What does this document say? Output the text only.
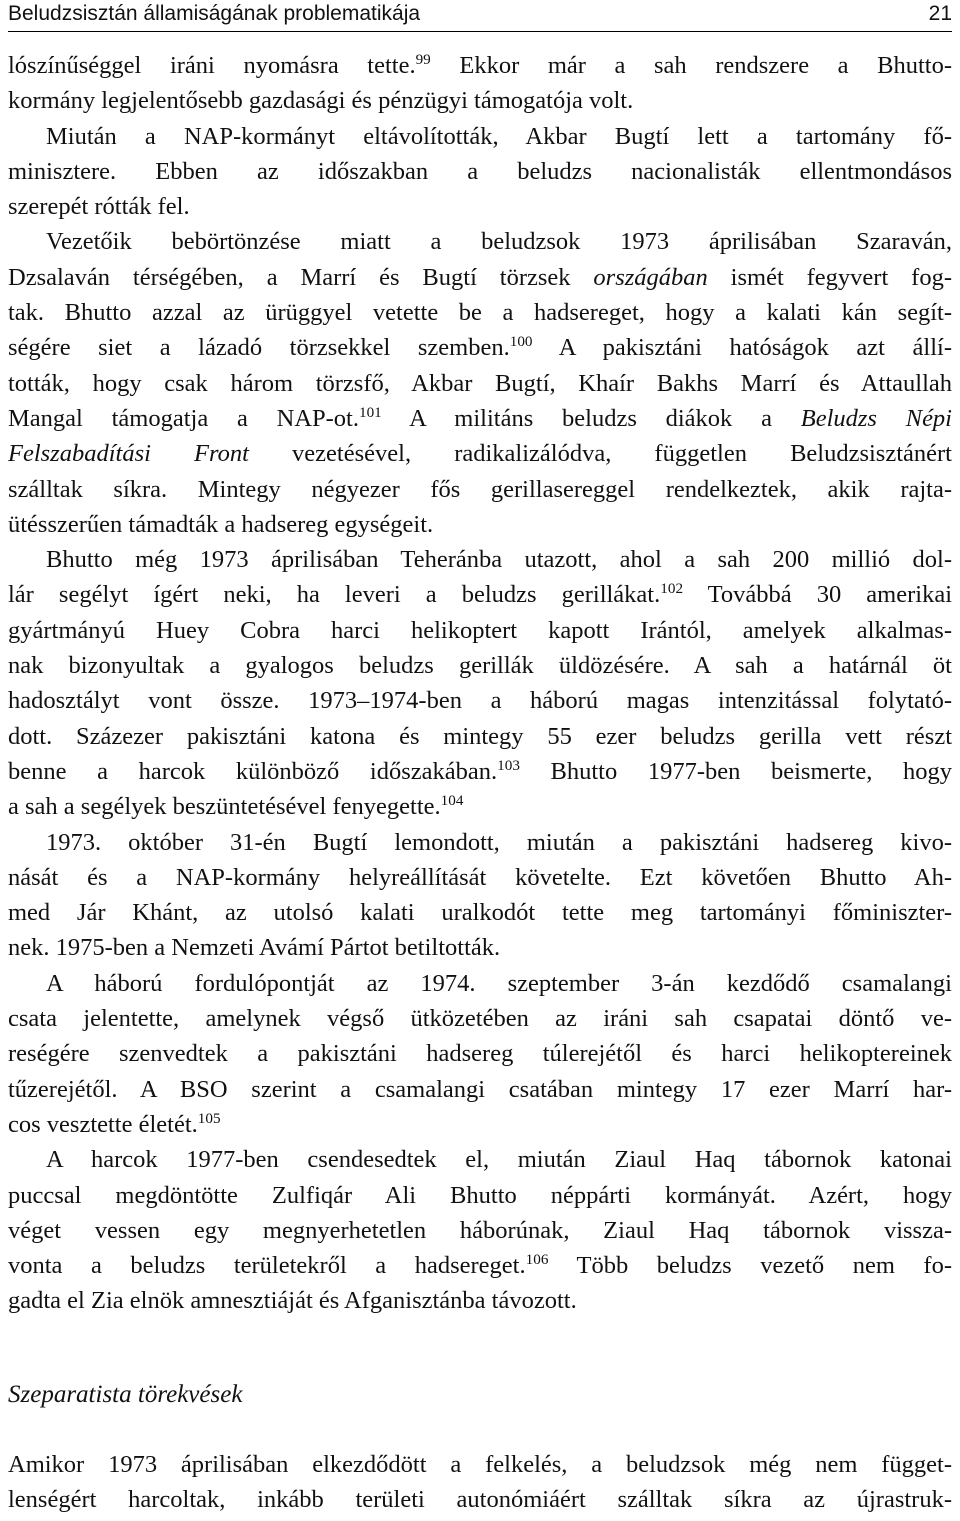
Beludzsisztán államiságának problematikája	21
lószínűséggel iráni nyomásra tette.$^{99}$ Ekkor már a sah rendszere a Bhutto-
kormány legjelentősebb gazdasági és pénzügyi támogatója volt.
Miután a NAP-kormányt eltávolították, Akbar Bugtí lett a tartomány fő-
minisztere. Ebben az időszakban a beludzs nacionalisták ellentmondásos
szerepét rótták fel.
Vezetőik bebörtönzése miatt a beludzsok 1973 áprilisában Szaraván,
Dzsalaván térségében, a Marrí és Bugtí törzsek országában ismét fegyvert fog-
tak. Bhutto azzal az ürüggyel vetette be a hadsereget, hogy a kalati kán segít-
ségére siet a lázadó törzsekkel szemben.$^{100}$ A pakisztáni hatóságok azt állí-
tották, hogy csak három törzsfő, Akbar Bugtí, Khaír Bakhs Marrí és Attaullah
Mangal támogatja a NAP-ot.$^{101}$ A militáns beludzs diákok a Beludzs Népi
Felszabadítási Front vezetésével, radikalizálódva, független Beludzsisztánért
szálltak síkra. Mintegy négyezer fős gerillasereggel rendelkeztek, akik rajta-
ütésszerűen támadták a hadsereg egységeit.
Bhutto még 1973 áprilisában Teheránba utazott, ahol a sah 200 millió dol-
lár segélyt ígért neki, ha leveri a beludzs gerillákat.$^{102}$ Továbbá 30 amerikai
gyártmányú Huey Cobra harci helikoptert kapott Irántól, amelyek alkalmas-
nak bizonyultak a gyalogos beludzs gerillák üldözésére. A sah a határnál öt
hadosztályt vont össze. 1973–1974-ben a háború magas intenzitással folytató-
dott. Százezer pakisztáni katona és mintegy 55 ezer beludzs gerilla vett részt
benne a harcok különböző időszakában.$^{103}$ Bhutto 1977-ben beismerte, hogy
a sah a segélyek beszüntetésével fenyegette.$^{104}$
1973. október 31-én Bugtí lemondott, miután a pakisztáni hadsereg kivo-
nását és a NAP-kormány helyreállítását követelte. Ezt követően Bhutto Ah-
med Jár Khánt, az utolsó kalati uralkodót tette meg tartományi főminiszter-
nek. 1975-ben a Nemzeti Avámí Pártot betiltották.
A háború fordulópontját az 1974. szeptember 3-án kezdődő csamalangi
csata jelentette, amelynek végső ütközetében az iráni sah csapatai döntő ve-
reségére szenvedtek a pakisztáni hadsereg túlerejétől és harci helikoptereinek
tűzerejétől. A BSO szerint a csamalangi csatában mintegy 17 ezer Marrí har-
cos vesztette életét.$^{105}$
A harcok 1977-ben csendesedtek el, miután Ziaul Haq tábornok katonai
puccsal megdöntötte Zulfiqár Ali Bhutto néppárti kormányát. Azért, hogy
véget vessen egy megnyerhetetlen háborúnak, Ziaul Haq tábornok vissza-
vonta a beludzs területekről a hadsereget.$^{106}$ Több beludzs vezető nem fo-
gadta el Zia elnök amnesztiáját és Afganisztánba távozott.
Szeparatista törekvések
Amikor 1973 áprilisában elkezdődött a felkelés, a beludzsok még nem függet-
lenségért harcoltak, inkább területi autonómiáért szálltak síkra az újrastruk-
